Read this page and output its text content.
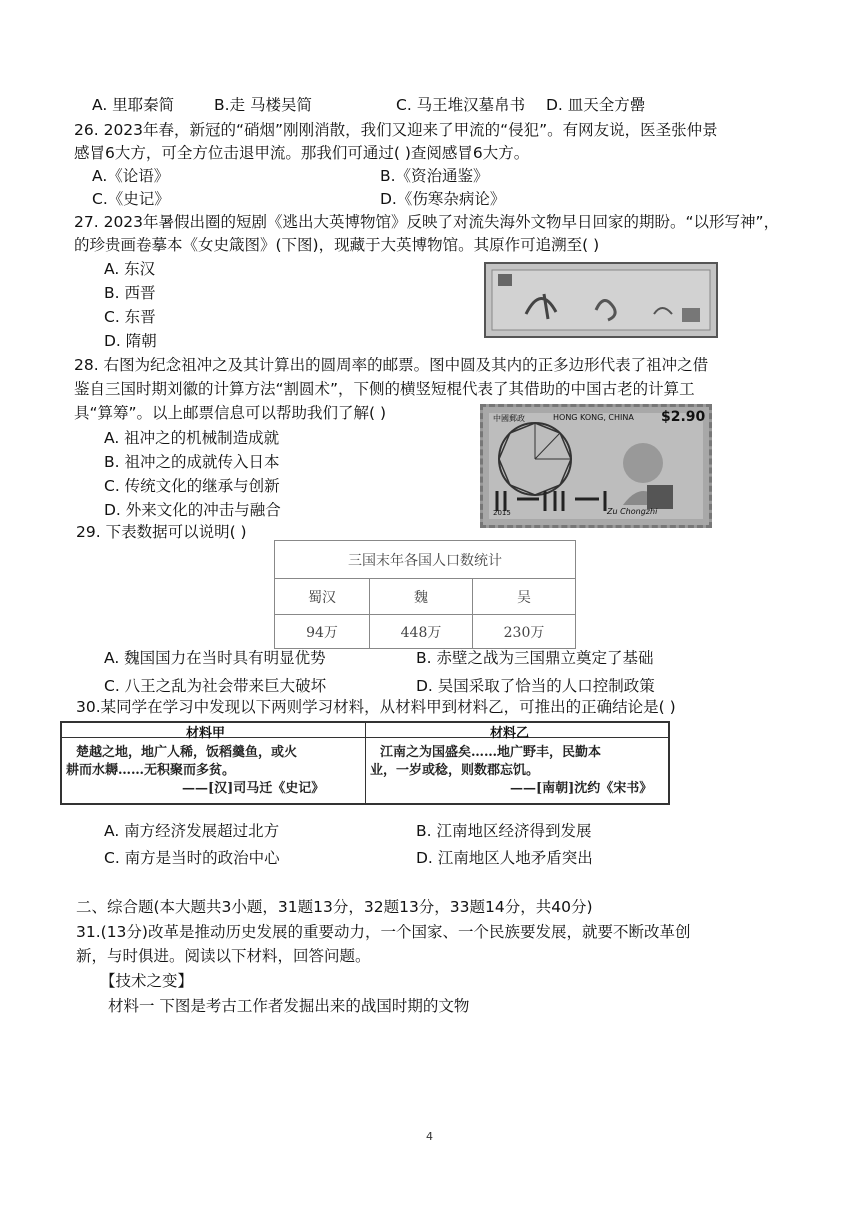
A. 里耶秦简	B.走 马楼吴简	C. 马王堆汉墓帛书 D. 皿天全方罍
26. 2023年春，新冠的“硝烟”刚刚消散，我们又迎来了甲流的“侵犯”。有网友说，医圣张仲景
感冒6大方，可全方位击退甲流。那我们可通过( )查阅感冒6大方。
A.《论语》	B.《资治通鉴》
C.《史记》	D.《伤寒杂病论》
27. 2023年暑假出圈的短剧《逃出大英博物馆》反映了对流失海外文物早日回家的期盼。“以形写神”，
的珍贵画卷摹本《女史箴图》(下图)，现藏于大英博物馆。其原作可追溯至( )
A. 东汉
B. 西晋
C. 东晋
D. 隋朝
28. 右图为纪念祖冲之及其计算出的圆周率的邮票。图中圆及其内的正多边形代表了祖冲之借
鉴自三国时期刘徽的计算方法“割圆术”，下侧的横竖短棍代表了其借助的中国古老的计算工
具“算筹”。以上邮票信息可以帮助我们了解( )
A. 祖冲之的机械制造成就
B. 祖冲之的成就传入日本
C. 传统文化的继承与创新
D. 外来文化的冲击与融合
中國郵政	HONG KONG, CHINA $2.90
2015	Zu Chongzhi
29. 下表数据可以说明( )
三国末年各国人口数统计		
蜀汉	魏	吴
94万	448万	230万
A. 魏国国力在当时具有明显优势	B. 赤壁之战为三国鼎立奠定了基础
C. 八王之乱为社会带来巨大破坏	D. 吴国采取了恰当的人口控制政策
30.某同学在学习中发现以下两则学习材料，从材料甲到材料乙，可推出的正确结论是( )
材料甲	材料乙
楚越之地，地广人稀，饭稻羹鱼，或火
耕而水耨……无积聚而多贫。
——[汉]司马迁《史记》
江南之为国盛矣……地广野丰，民勤本
业，一岁或稔，则数郡忘饥。
——[南朝]沈约《宋书》
A. 南方经济发展超过北方	B. 江南地区经济得到发展
C. 南方是当时的政治中心	D. 江南地区人地矛盾突出
二、综合题(本大题共3小题，31题13分，32题13分，33题14分，共40分)
31.(13分)改革是推动历史发展的重要动力，一个国家、一个民族要发展，就要不断改革创
新，与时俱进。阅读以下材料，回答问题。
【技术之变】
材料一 下图是考古工作者发掘出来的战国时期的文物
4
